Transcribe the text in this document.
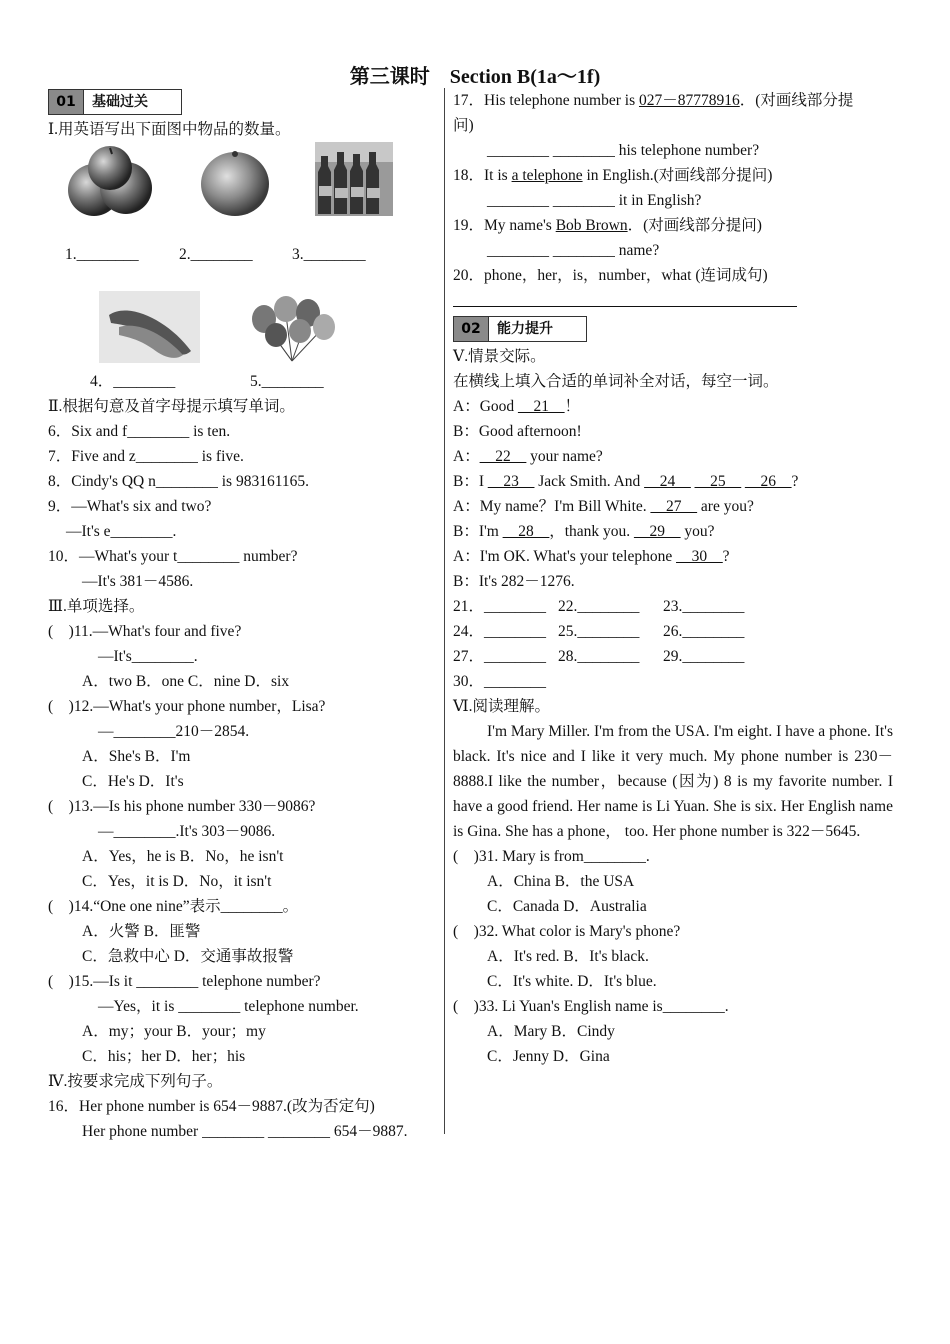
第三课时　Section B(1a～1f)
01	基础过关
Ⅰ.用英语写出下面图中物品的数量。
1.________	2.________	3.________
4．________	5.________
Ⅱ.根据句意及首字母提示填写单词。
6．Six and f________ is ten.
7．Five and z________ is five.
8．Cindy's QQ n________ is 983161165.
9．—What's six and two?
—It's e________.
10．—What's your t________ number?
—It's 381－4586.
Ⅲ.单项选择。
(　)11.—What's four and five?
—It's________.
A．two B．one C．nine D．six
(　)12.—What's your phone number，Lisa?
—________210－2854.
A．She's B．I'm
C．He's D．It's
(　)13.—Is his phone number 330－9086?
—________.It's 303－9086.
A．Yes，he is B．No，he isn't
C．Yes，it is D．No，it isn't
(　)14.“One one nine”表示________。
A．火警 B．匪警
C．急救中心 D．交通事故报警
(　)15.—Is it ________ telephone number?
—Yes，it is ________ telephone number.
A．my；your B．your；my
C．his；her D．her；his
Ⅳ.按要求完成下列句子。
16．Her phone number is 654－9887.(改为否定句)
Her phone number ________ ________ 654－9887.
17．His telephone number is 027－87778916．(对画线部分提
问)
________ ________ his telephone number?
18．It is a telephone in English.(对画线部分提问)
________ ________ it in English?
19．My name's Bob Brown．(对画线部分提问)
________ ________ name?
20．phone，her，is，number，what (连词成句)
02	能力提升
Ⅴ.情景交际。
在横线上填入合适的单词补全对话，每空一词。
A：Good __21__！
B：Good afternoon!
A：__22__ your name?
B：I __23__ Jack Smith. And __24__ __25__ __26__?
A：My name？I'm Bill White. __27__ are you?
B：I'm __28__，thank you. __29__ you?
A：I'm OK. What's your telephone __30__?
B：It's 282－1276.
21．________ 22.________ 23.________
24．________ 25.________ 26.________
27．________ 28.________ 29.________
30．________
Ⅵ.阅读理解。
I'm Mary Miller. I'm from the USA. I'm eight. I have a phone. It's black. It's nice and I like it very much. My phone number is 230－8888.I like the number，because (因为) 8 is my favorite number. I have a good friend. Her name is Li Yuan. She is six. Her English name is Gina. She has a phone， too. Her phone number is 322－5645.
(　)31. Mary is from________.
A．China B．the USA
C．Canada D．Australia
(　)32. What color is Mary's phone?
A．It's red. B．It's black.
C．It's white. D．It's blue.
(　)33. Li Yuan's English name is________.
A．Mary B．Cindy
C．Jenny D．Gina
